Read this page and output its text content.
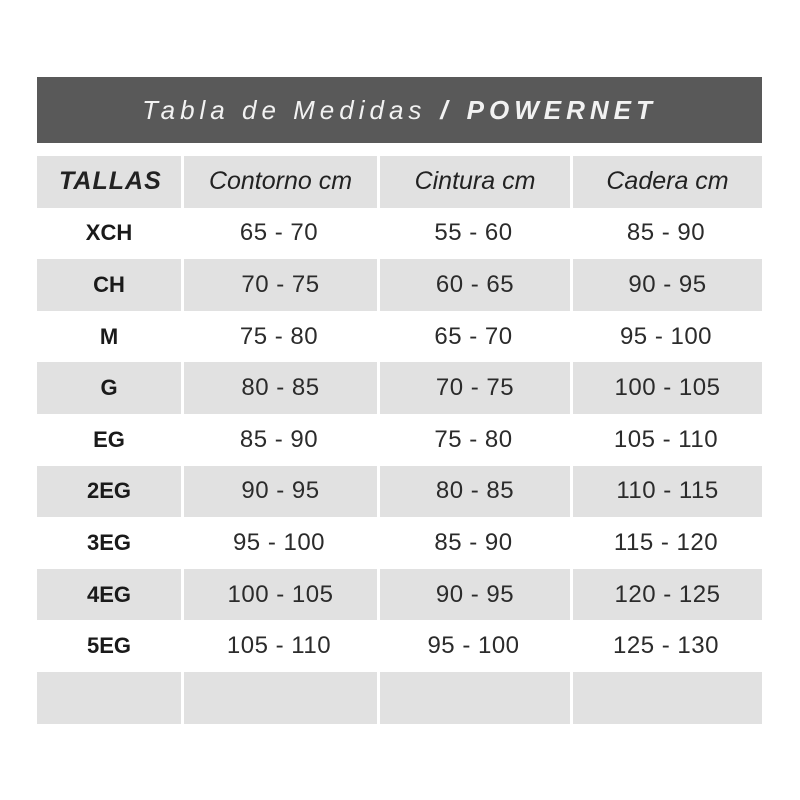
Tabla de Medidas / POWERNET
TALLAS	Contorno cm	Cintura cm	Cadera cm
XCH	65 - 70	55 - 60	85 - 90
CH	70 - 75	60 - 65	90 - 95
M	75 - 80	65 - 70	95 - 100
G	80 - 85	70 - 75	100 - 105
EG	85 - 90	75 - 80	105 - 110
2EG	90 - 95	80 - 85	110 - 115
3EG	95 - 100	85 - 90	115 - 120
4EG	100 - 105	90 - 95	120 - 125
5EG	105 - 110	95 - 100	125 - 130
